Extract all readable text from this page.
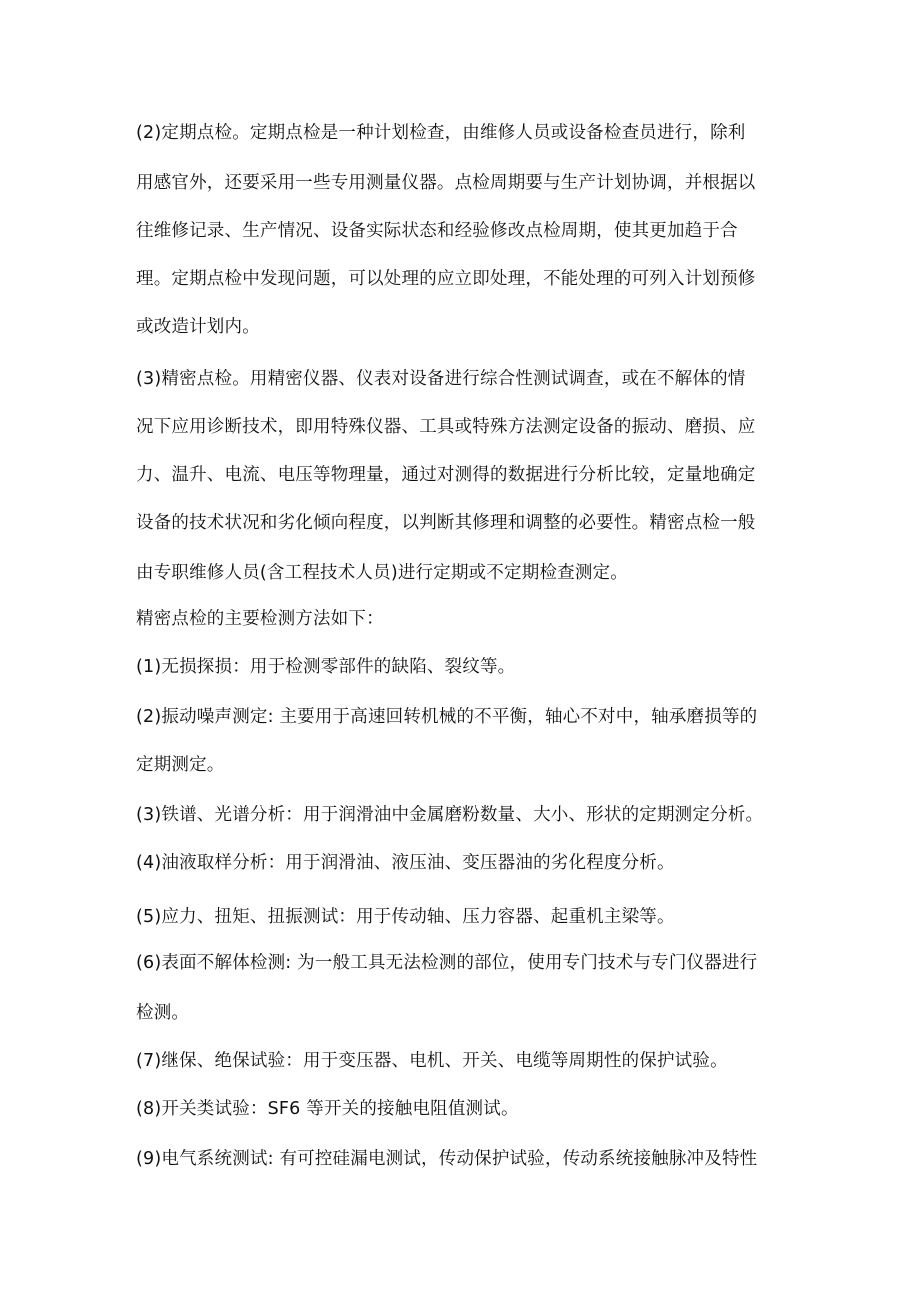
(2)定期点检。定期点检是一种计划检查，由维修人员或设备检查员进行，除利
用感官外，还要采用一些专用测量仪器。点检周期要与生产计划协调，并根据以
往维修记录、生产情况、设备实际状态和经验修改点检周期，使其更加趋于合
理。定期点检中发现问题，可以处理的应立即处理，不能处理的可列入计划预修
或改造计划内。
(3)精密点检。用精密仪器、仪表对设备进行综合性测试调查，或在不解体的情
况下应用诊断技术，即用特殊仪器、工具或特殊方法测定设备的振动、磨损、应
力、温升、电流、电压等物理量，通过对测得的数据进行分析比较，定量地确定
设备的技术状况和劣化倾向程度，以判断其修理和调整的必要性。精密点检一般
由专职维修人员(含工程技术人员)进行定期或不定期检查测定。
精密点检的主要检测方法如下：
(1)无损探损：用于检测零部件的缺陷、裂纹等。
(2)振动噪声测定: 主要用于高速回转机械的不平衡，轴心不对中，轴承磨损等的
定期测定。
(3)铁谱、光谱分析：用于润滑油中金属磨粉数量、大小、形状的定期测定分析。
(4)油液取样分析：用于润滑油、液压油、变压器油的劣化程度分析。
(5)应力、扭矩、扭振测试：用于传动轴、压力容器、起重机主梁等。
(6)表面不解体检测: 为一般工具无法检测的部位，使用专门技术与专门仪器进行
检测。
(7)继保、绝保试验：用于变压器、电机、开关、电缆等周期性的保护试验。
(8)开关类试验：SF6 等开关的接触电阻值测试。
(9)电气系统测试: 有可控硅漏电测试，传动保护试验，传动系统接触脉冲及特性
